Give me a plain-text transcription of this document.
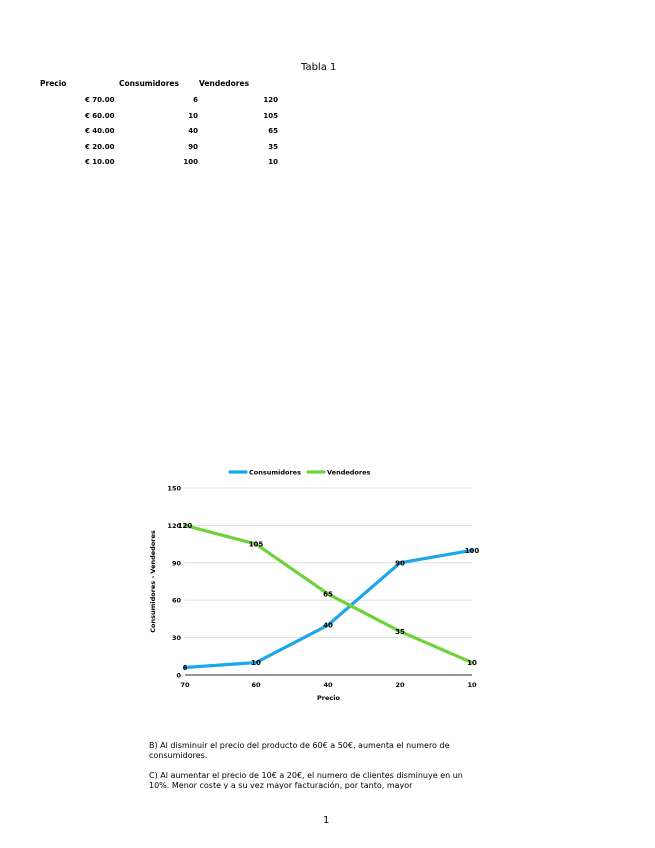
Tabla 1
Precio	Consumidores	Vendedores
€ 70.00	6	120
€ 60.00	10	105
€ 40.00	40	65
€ 20.00	90	35
€ 10.00	100	10
0
30
60
90
120
150
70	60	40	20	10
Precio
Consumidores - Vendedores
6
10
40
90
100
120
105
65
35
10
Consumidores	Vendedores
B) Al disminuir el precio del producto de 60€ a 50€, aumenta el numero de consumidores.
C) Al aumentar el precio de 10€ a 20€, el numero de clientes disminuye en un 10%. Menor coste y a su vez mayor facturación, por tanto, mayor
1
